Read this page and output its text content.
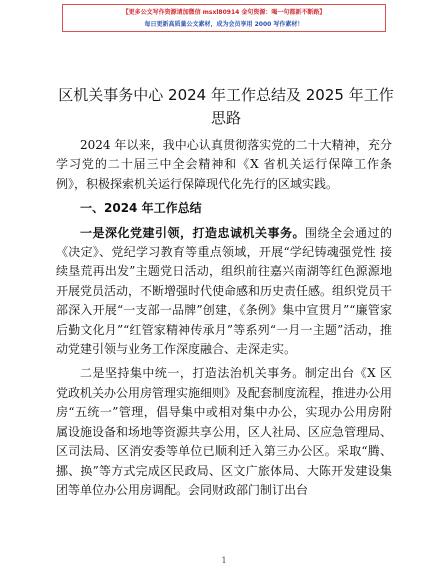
【更多公文写作资源请加微信 msxl80914 金句资源：喝一句都新不断路】
每日更新高质量公文素材，成为会员享用 2000 写作素材！
区机关事务中心 2024 年工作总结及 2025 年工作思路

2024 年以来，我中心认真贯彻落实党的二十大精神，充分学习党的二十届三中全会精神和《X 省机关运行保障工作条例》，积极探索机关运行保障现代化先行的区域实践。

一、2024 年工作总结

一是深化党建引领，打造忠诚机关事务。围绕全会通过的《决定》、党纪学习教育等重点领域，开展“学纪铸魂强党性 接续垦荒再出发”主题党日活动，组织前往嘉兴南湖等红色源源地开展党员活动，不断增强时代使命感和历史责任感。组织党员干部深入开展“一支部一品牌”创建，《条例》集中宣贯月”“廉管家后勤文化月”“红管家精神传承月”等系列“一月一主题”活动，推动党建引领与业务工作深度融合、走深走实。

二是坚持集中统一，打造法治机关事务。制定出台《X 区党政机关办公用房管理实施细则》及配套制度流程，推进办公用房“五统一”管理，倡导集中或相对集中办公，实现办公用房附属设施设备和场地等资源共享公用，区人社局、区应急管理局、区司法局、区消安委等单位已顺利迁入第三办公区。采取“腾、挪、换”等方式完成区民政局、区文广旅体局、大陈开发建设集团等单位办公用房调配。会同财政部门制订出台

1
